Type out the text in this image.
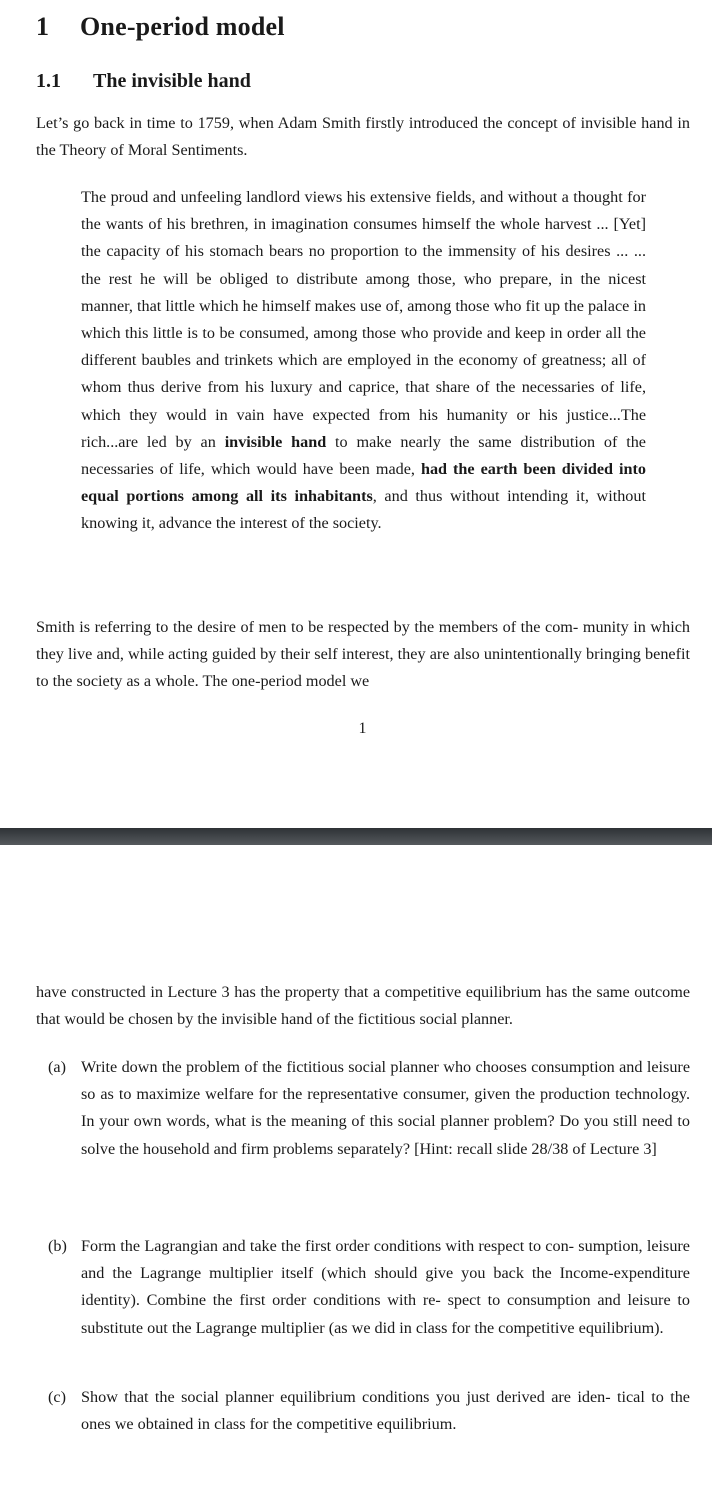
1 One-period model
1.1 The invisible hand

Let’s go back in time to 1759, when Adam Smith firstly introduced the concept of invisible hand in the Theory of Moral Sentiments.

The proud and unfeeling landlord views his extensive fields, and without a thought for the wants of his brethren, in imagination consumes himself the whole harvest ... [Yet] the capacity of his stomach bears no proportion to the immensity of his desires ... ... the rest he will be obliged to distribute among those, who prepare, in the nicest manner, that little which he himself makes use of, among those who fit up the palace in which this little is to be consumed, among those who provide and keep in order all the different baubles and trinkets which are employed in the economy of greatness; all of whom thus derive from his luxury and caprice, that share of the necessaries of life, which they would in vain have expected from his humanity or his justice...The rich...are led by an invisible hand to make nearly the same distribution of the necessaries of life, which would have been made, had the earth been divided into equal portions among all its inhabitants, and thus without intending it, without knowing it, advance the interest of the society.

Smith is referring to the desire of men to be respected by the members of the com- munity in which they live and, while acting guided by their self interest, they are also unintentionally bringing benefit to the society as a whole. The one-period model we

1

have constructed in Lecture 3 has the property that a competitive equilibrium has the same outcome that would be chosen by the invisible hand of the fictitious social planner.

(a) Write down the problem of the fictitious social planner who chooses consumption and leisure so as to maximize welfare for the representative consumer, given the production technology. In your own words, what is the meaning of this social planner problem? Do you still need to solve the household and firm problems separately? [Hint: recall slide 28/38 of Lecture 3]

(b) Form the Lagrangian and take the first order conditions with respect to con- sumption, leisure and the Lagrange multiplier itself (which should give you back the Income-expenditure identity). Combine the first order conditions with re- spect to consumption and leisure to substitute out the Lagrange multiplier (as we did in class for the competitive equilibrium).

(c) Show that the social planner equilibrium conditions you just derived are iden- tical to the ones we obtained in class for the competitive equilibrium.
